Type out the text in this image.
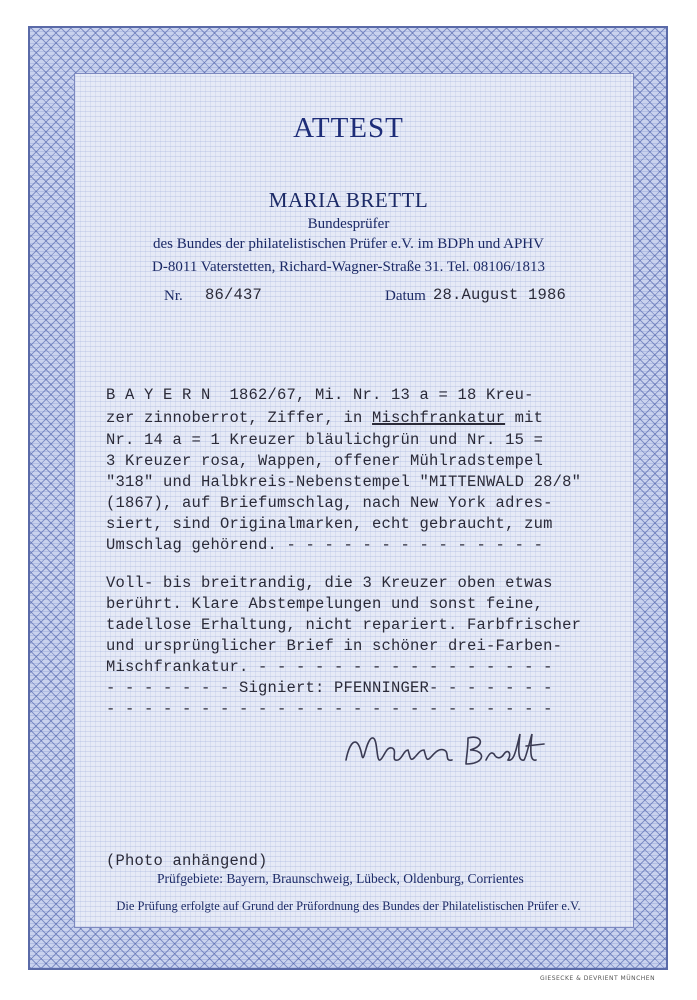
ATTEST
MARIA BRETTL
Bundesprüfer
des Bundes der philatelistischen Prüfer e.V. im BDPh und APHV
D-8011 Vaterstetten, Richard-Wagner-Straße 31. Tel. 08106/1813
Nr. 86/437	Datum 28.August 1986
B A Y E R N  1862/67, Mi. Nr. 13 a = 18 Kreu-
zer zinnoberrot, Ziffer, in Mischfrankatur mit
Nr. 14 a = 1 Kreuzer bläulichgrün und Nr. 15 =
3 Kreuzer rosa, Wappen, offener Mühlradstempel
"318" und Halbkreis-Nebenstempel "MITTENWALD 28/8"
(1867), auf Briefumschlag, nach New York adres-
siert, sind Originalmarken, echt gebraucht, zum
Umschlag gehörend. - - - - - - - - - - - - - -
Voll- bis breitrandig, die 3 Kreuzer oben etwas
berührt. Klare Abstempelungen und sonst feine,
tadellose Erhaltung, nicht repariert. Farbfrischer
und ursprünglicher Brief in schöner drei-Farben-
Mischfrankatur. - - - - - - - - - - - - - - - -
- - - - - - - Signiert: PFENNINGER- - - - - - -
- - - - - - - - - - - - - - - - - - - - - - - -
(Photo anhängend)
Prüfgebiete: Bayern, Braunschweig, Lübeck, Oldenburg, Corrientes
Die Prüfung erfolgte auf Grund der Prüfordnung des Bundes der Philatelistischen Prüfer e.V.
GIESECKE & DEVRIENT MÜNCHEN
